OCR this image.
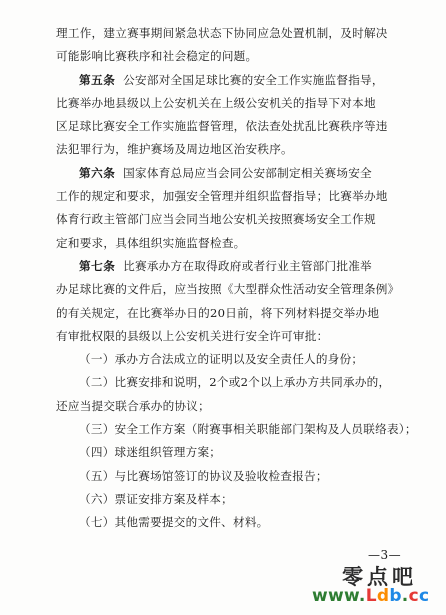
理工作，建立赛事期间紧急状态下协同应急处置机制，及时解决
可能影响比赛秩序和社会稳定的问题。
第五条 公安部对全国足球比赛的安全工作实施监督指导，
比赛举办地县级以上公安机关在上级公安机关的指导下对本地
区足球比赛安全工作实施监督管理，依法查处扰乱比赛秩序等违
法犯罪行为，维护赛场及周边地区治安秩序。
第六条 国家体育总局应当会同公安部制定相关赛场安全
工作的规定和要求，加强安全管理并组织监督指导；比赛举办地
体育行政主管部门应当会同当地公安机关按照赛场安全工作规
定和要求，具体组织实施监督检查。
第七条 比赛承办方在取得政府或者行业主管部门批准举
办足球比赛的文件后，应当按照《大型群众性活动安全管理条例》
的有关规定，在比赛举办日的20日前，将下列材料提交举办地
有审批权限的县级以上公安机关进行安全许可审批：
（一）承办方合法成立的证明以及安全责任人的身份；
（二）比赛安排和说明，2个或2个以上承办方共同承办的，
还应当提交联合承办的协议；
（三）安全工作方案（附赛事相关职能部门架构及人员联络表）；
（四）球迷组织管理方案；
（五）与比赛场馆签订的协议及验收检查报告；
（六）票证安排方案及样本；
（七）其他需要提交的文件、材料。
—3—
零点吧
www.Ldb.cc
